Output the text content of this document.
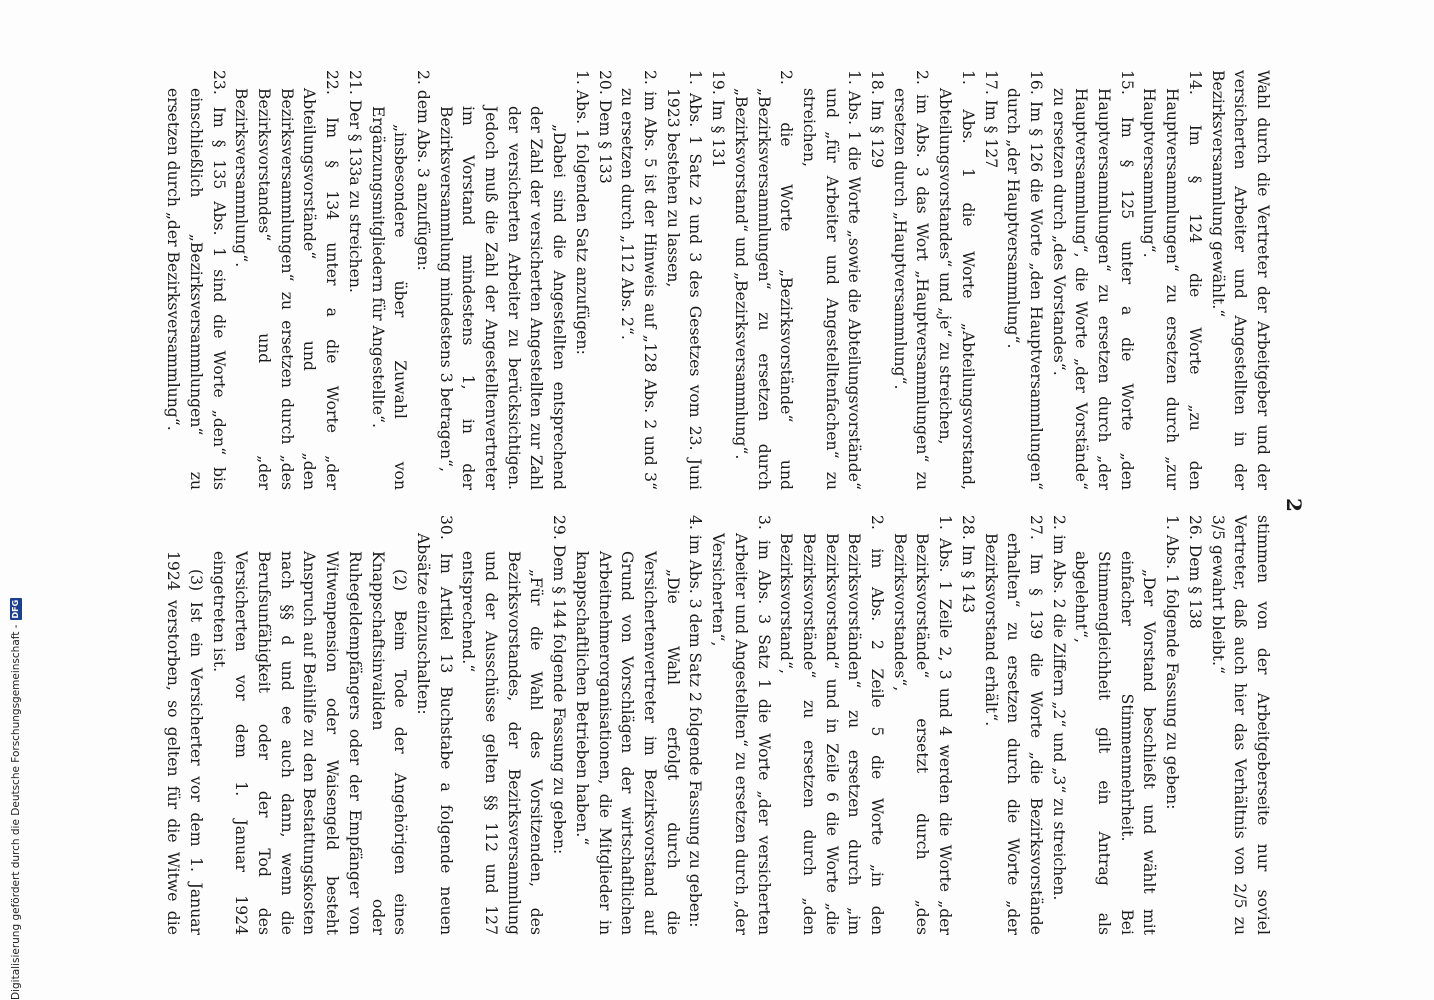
2

Wahl durch die Vertreter der Arbeitgeber und der versicherten Arbeiter und Angestellten in der Bezirksversammlung gewählt.“

14. Im § 124 die Worte „zu den Hauptversammlungen“ zu ersetzen durch „zur Hauptversammlung“.

15. Im § 125 unter a die Worte „den Hauptversammlungen“ zu ersetzen durch „der Hauptversammlung“, die Worte „der Vorstände“ zu ersetzen durch „des Vorstandes“.

16. Im § 126 die Worte „den Hauptversammlungen“ durch „der Hauptversammlung“.

17. Im § 127

1. Abs. 1 die Worte „Abteilungsvorstand, Abteilungsvorstandes“ und „je“ zu streichen,

2. im Abs. 3 das Wort „Hauptversammlungen“ zu ersetzen durch „Hauptversammlung“.

18. Im § 129

1. Abs. 1 die Worte „sowie die Abteilungsvorstände“ und „für Arbeiter und Angestelltenfachen“ zu streichen,

2. die Worte „Bezirksvorstände“ und „Bezirksversammlungen“ zu ersetzen durch „Bezirksvorstand“ und „Bezirksversammlung“.

19. Im § 131

1. Abs. 1 Satz 2 und 3 des Gesetzes vom 23. Juni 1923 bestehen zu lassen,

2. im Abs. 5 ist der Hinweis auf „128 Abs. 2 und 3“ zu ersetzen durch „112 Abs. 2“.

20. Dem § 133

1. Abs. 1 folgenden Satz anzufügen:

„Dabei sind die Angestellten entsprechend der Zahl der versicherten Angestellten zur Zahl der versicherten Arbeiter zu berücksichtigen. Jedoch muß die Zahl der Angestelltenvertreter im Vorstand mindestens 1, in der Bezirksversammlung mindestens 3 betragen“,

2. dem Abs. 3 anzufügen:

„insbesondere über Zuwahl von Ergänzungsmitgliedern für Angestellte“.

21. Der § 133a zu streichen.

22. Im § 134 unter a die Worte „der Abteilungsvorstände“ und „den Bezirksversammlungen“ zu ersetzen durch „des Bezirksvorstandes“ und „der Bezirksversammlung“.

23. Im § 135 Abs. 1 sind die Worte „den“ bis einschließlich „Bezirksversammlungen“ zu ersetzen durch „der Bezirksversammlung“.

stimmen von der Arbeitgeberseite nur soviel Vertreter, daß auch hier das Verhältnis von 2/5 zu 3/5 gewahrt bleibt.“

26. Dem § 138

1. Abs. 1 folgende Fassung zu geben:

„Der Vorstand beschließt und wählt mit einfacher Stimmenmehrheit. Bei Stimmengleichheit gilt ein Antrag als abgelehnt“,

2. im Abs. 2 die Ziffern „2“ und „3“ zu streichen.

27. Im § 139 die Worte „die Bezirksvorstände erhalten“ zu ersetzen durch die Worte „der Bezirksvorstand erhält“.

28. Im § 143

1. Abs. 1 Zeile 2, 3 und 4 werden die Worte „der Bezirksvorstände“ ersetzt durch „des Bezirksvorstandes“,

2. im Abs. 2 Zeile 5 die Worte „in den Bezirksvorständen“ zu ersetzen durch „im Bezirksvorstand“ und in Zeile 6 die Worte „die Bezirksvorstände“ zu ersetzen durch „den Bezirksvorstand“,

3. im Abs. 3 Satz 1 die Worte „der versicherten Arbeiter und Angestellten“ zu ersetzen durch „der Versicherten“,

4. im Abs. 3 dem Satz 2 folgende Fassung zu geben:

„Die Wahl erfolgt durch die Versichertenvertreter im Bezirksvorstand auf Grund von Vorschlägen der wirtschaftlichen Arbeitnehmerorganisationen, die Mitglieder in knappschaftlichen Betrieben haben.“

29. Dem § 144 folgende Fassung zu geben:

„Für die Wahl des Vorsitzenden, des Bezirksvorstandes, der Bezirksversammlung und der Ausschüsse gelten §§ 112 und 127 entsprechend.“

30. Im Artikel 13 Buchstabe a folgende neuen Absätze einzuschalten:

(2) Beim Tode der Angehörigen eines Knappschaftsinvaliden oder Ruhegeldempfängers oder der Empfänger von Witwenpension oder Waisengeld besteht Anspruch auf Beihilfe zu den Bestattungskosten nach §§ d und ee auch dann, wenn die Berufsunfähigkeit oder der Tod des Versicherten vor dem 1. Januar 1924 eingetreten ist.

(3) Ist ein Versicherter vor dem 1. Januar 1924 verstorben, so gelten für die Witwe die

Digitalisierung gefördert durch die Deutsche Forschungsgemeinschaft -
DFG
